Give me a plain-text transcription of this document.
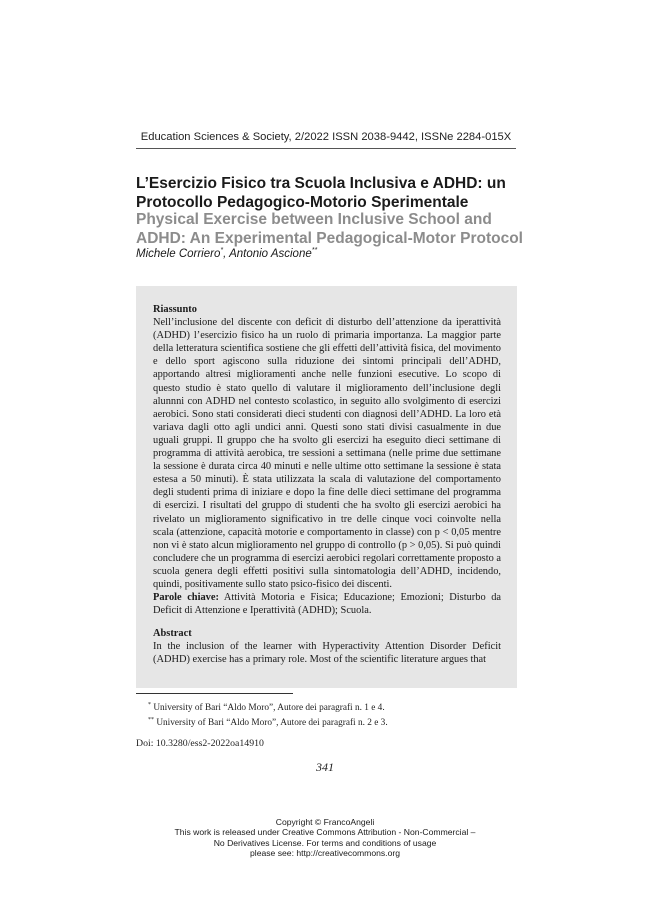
Education Sciences & Society, 2/2022 ISSN 2038-9442, ISSNe 2284-015X
L’Esercizio Fisico tra Scuola Inclusiva e ADHD: un Protocollo Pedagogico-Motorio Sperimentale
Physical Exercise between Inclusive School and ADHD: An Experimental Pedagogical-Motor Protocol
Michele Corriero*, Antonio Ascione**

Riassunto

Nell’inclusione del discente con deficit di disturbo dell’attenzione da iperattività (ADHD) l’esercizio fisico ha un ruolo di primaria importanza. La maggior parte della letteratura scientifica sostiene che gli effetti dell’attività fisica, del movimento e dello sport agiscono sulla riduzione dei sintomi principali dell’ADHD, apportando altresì miglioramenti anche nelle funzioni esecutive. Lo scopo di questo studio è stato quello di valutare il miglioramento dell’inclusione degli alunnni con ADHD nel contesto scolastico, in seguito allo svolgimento di esercizi aerobici. Sono stati considerati dieci studenti con diagnosi dell’ADHD. La loro età variava dagli otto agli undici anni. Questi sono stati divisi casualmente in due uguali gruppi. Il gruppo che ha svolto gli esercizi ha eseguito dieci settimane di programma di attività aerobica, tre sessioni a settimana (nelle prime due settimane la sessione è durata circa 40 minuti e nelle ultime otto settimane la sessione è stata estesa a 50 minuti). È stata utilizzata la scala di valutazione del comportamento degli studenti prima di iniziare e dopo la fine delle dieci settimane del programma di esercizi. I risultati del gruppo di studenti che ha svolto gli esercizi aerobici ha rivelato un miglioramento significativo in tre delle cinque voci coinvolte nella scala (attenzione, capacità motorie e comportamento in classe) con p < 0,05 mentre non vi è stato alcun miglioramento nel gruppo di controllo (p > 0,05). Si può quindi concludere che un programma di esercizi aerobici regolari correttamente proposto a scuola genera degli effetti positivi sulla sintomatologia dell’ADHD, incidendo, quindi, positivamente sullo stato psico-fisico dei discenti.

Parole chiave: Attività Motoria e Fisica; Educazione; Emozioni; Disturbo da Deficit di Attenzione e Iperattività (ADHD); Scuola.

Abstract

In the inclusion of the learner with Hyperactivity Attention Disorder Deficit (ADHD) exercise has a primary role. Most of the scientific literature argues that

* University of Bari “Aldo Moro”, Autore dei paragrafi n. 1 e 4.
** University of Bari “Aldo Moro”, Autore dei paragrafi n. 2 e 3.
Doi: 10.3280/ess2-2022oa14910
341
Copyright © FrancoAngeli
This work is released under Creative Commons Attribution - Non-Commercial –
No Derivatives License. For terms and conditions of usage
please see: http://creativecommons.org
